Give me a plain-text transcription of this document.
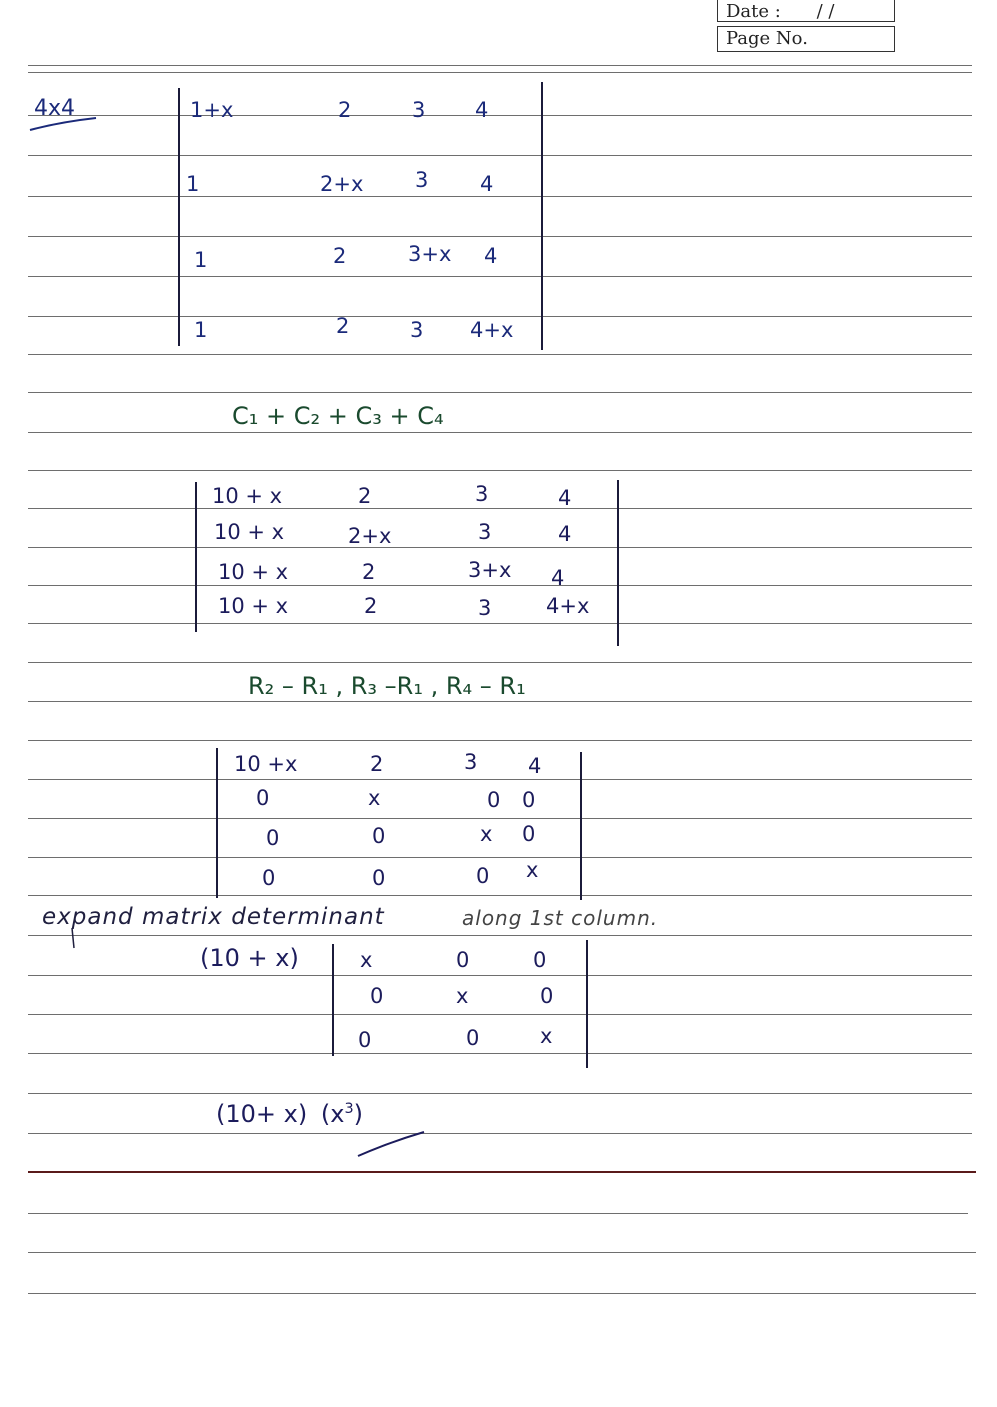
Date : / /
Page No.
4x4	1+x	2	3 4
1	2+x 3 4
1	2	3+x 4
1	2	3 4+x
C₁ + C₂ + C₃ + C₄
10 + x	2	3	4
10 + x	2+x	3	4
10 + x	2	3+x 4
10 + x	2	3	4+x
R₂ – R₁ , R₃ –R₁ , R₄ – R₁
10 +x	2	3 4
0	x	0 0
0	0	x 0
0	0	0 x
expand matrix determinant	along 1st column.
(10 + x)	x	0	0
0	x	0
0	0	x
(10+ x) $(x^3)$
